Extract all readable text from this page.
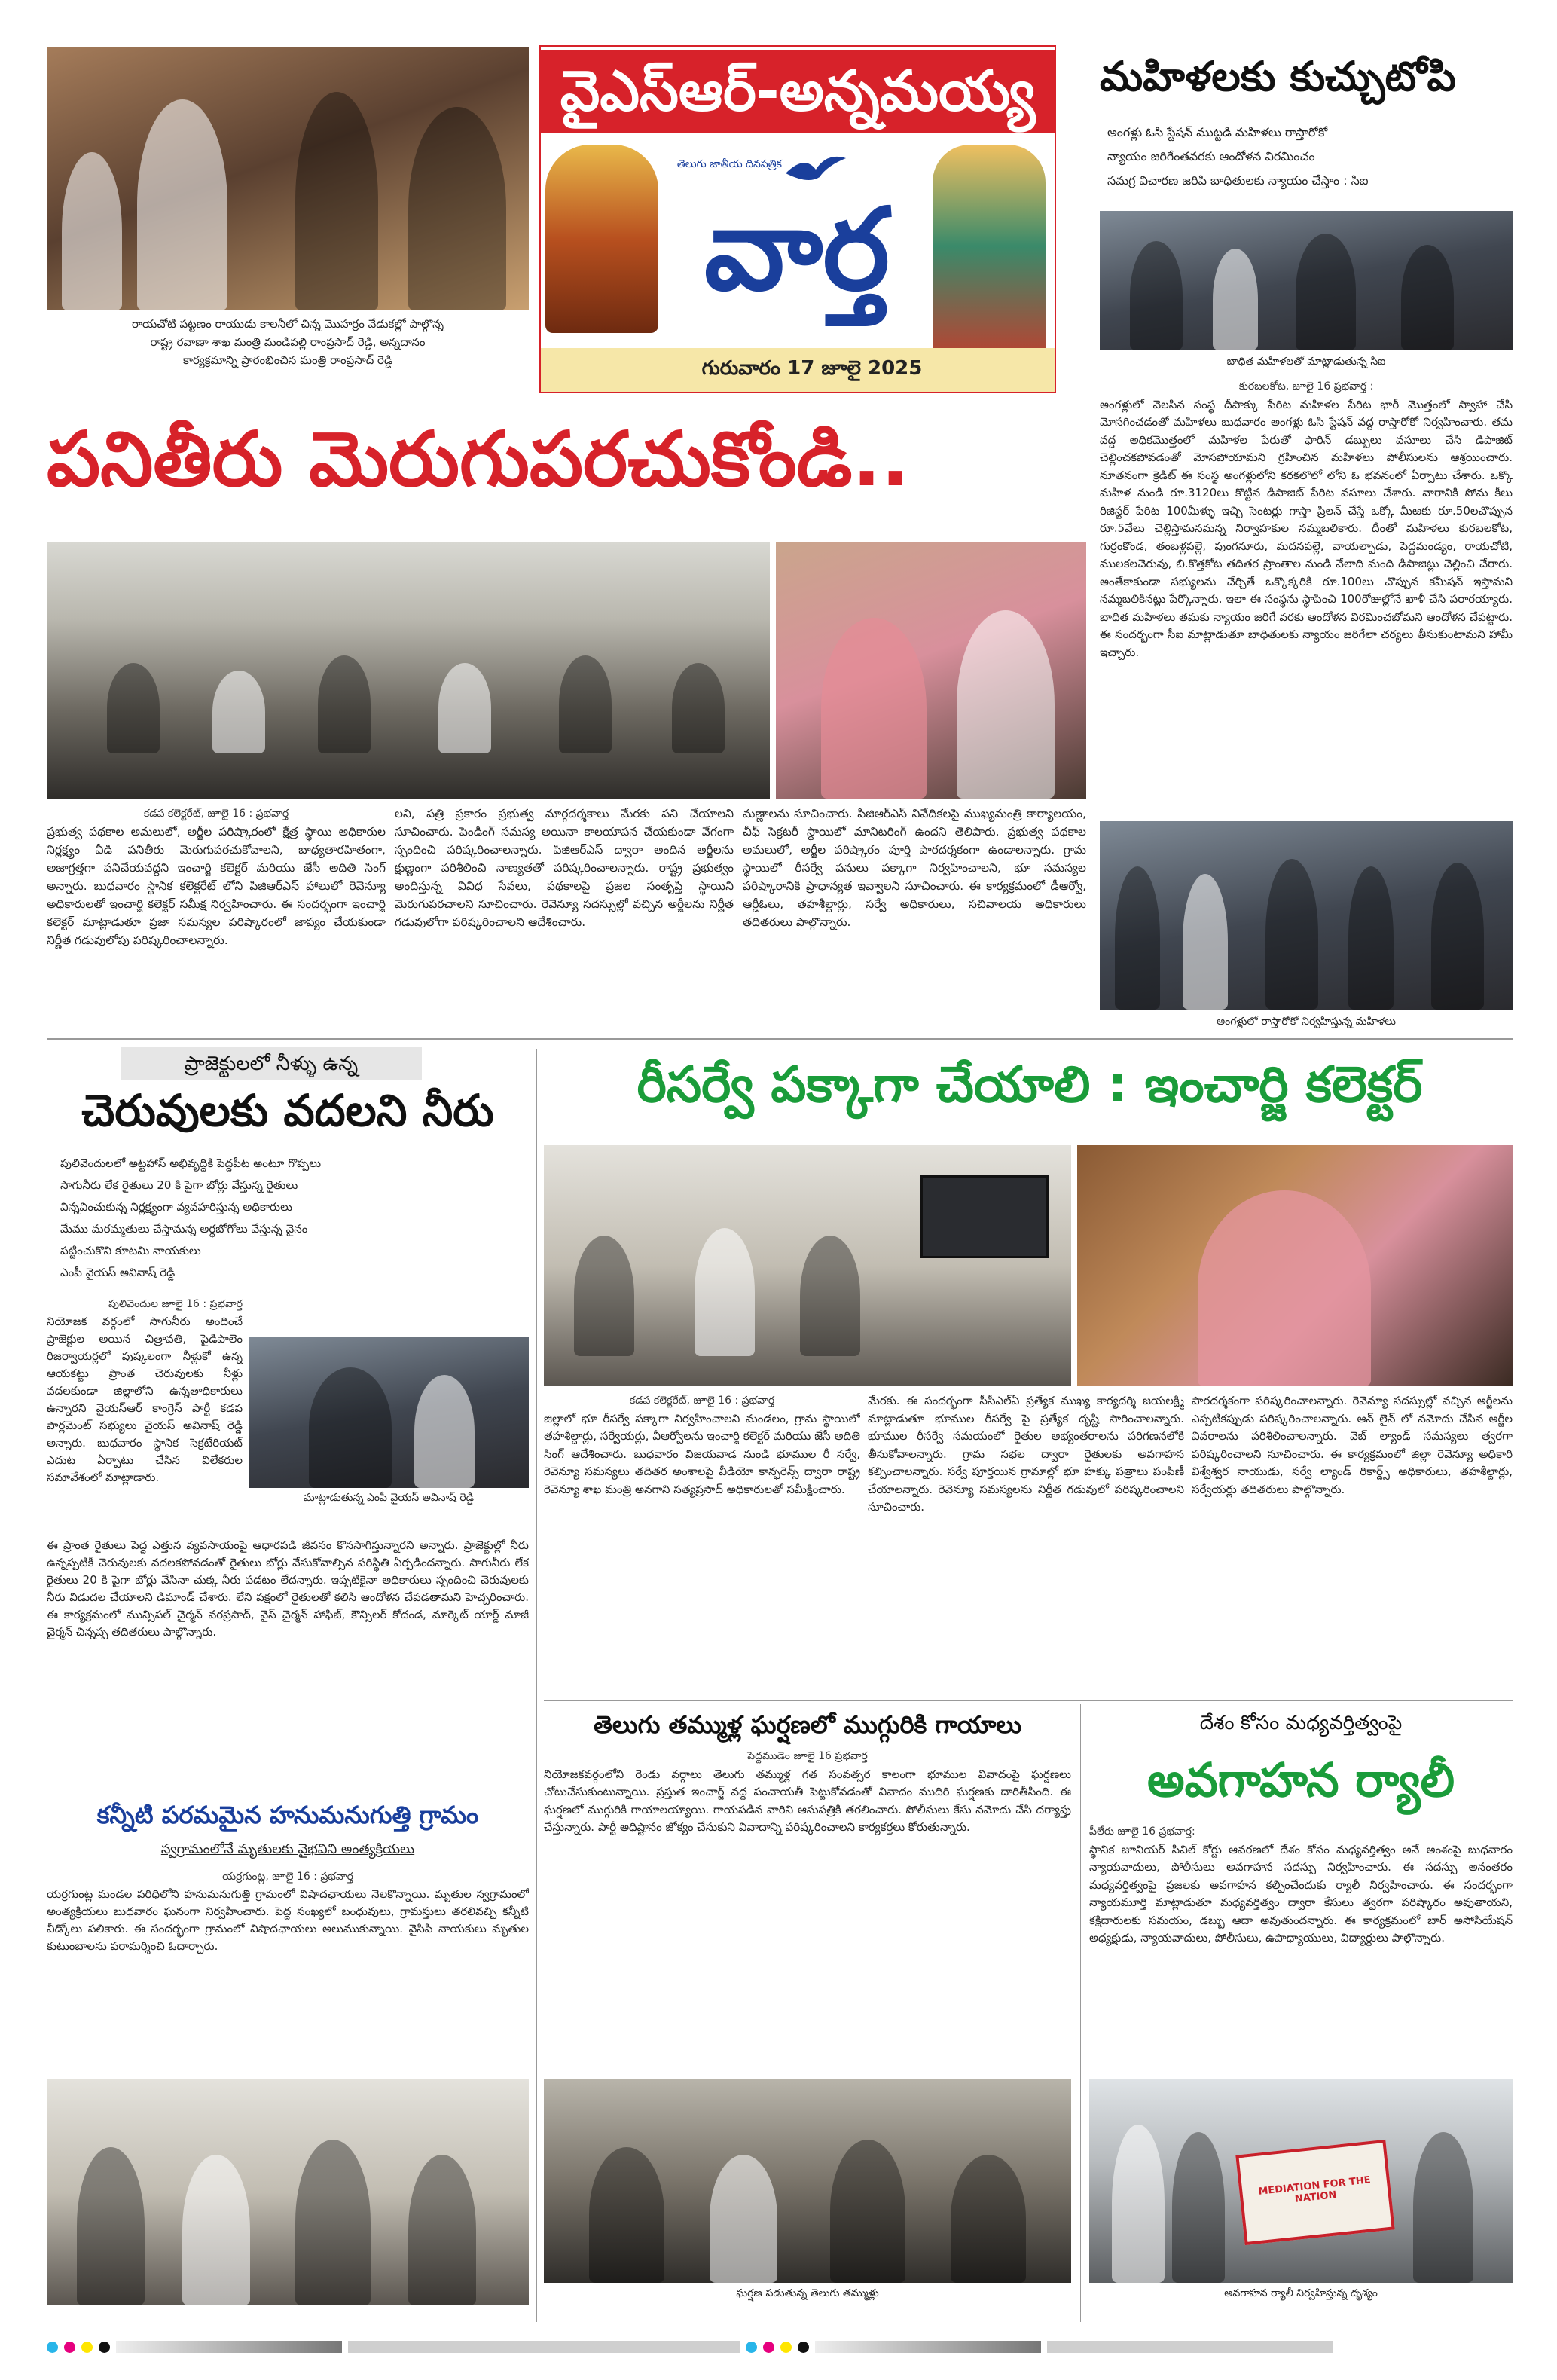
రాయచోటి పట్టణం రాయుడు కాలనీలో చిన్న మొహర్రం వేడుకల్లో పాల్గొన్న
రాష్ట్ర రవాణా శాఖ మంత్రి మండిపల్లి రాంప్రసాద్ రెడ్డి, అన్నదానం
కార్యక్రమాన్ని ప్రారంభించిన మంత్రి రాంప్రసాద్ రెడ్డి
వైఎస్ఆర్-అన్నమయ్య
తెలుగు జాతీయ దినపత్రిక
వార్త
గురువారం 17 జూలై 2025
మహిళలకు కుచ్చుటోపి
అంగళ్లు ఓసి స్టేషన్ ముట్టడి మహిళలు రాస్తారోకో
న్యాయం జరిగేంతవరకు ఆందోళన విరమించం
సమగ్ర విచారణ జరిపి బాధితులకు న్యాయం చేస్తాం : సిఐ
బాధిత మహిళలతో మాట్లాడుతున్న సిఐ
కురబలకోట, జూలై 16 ప్రభవార్త :

అంగళ్లులో వెలసిన సంస్థ దీపాక్కు పేరిట మహిళల పేరిట భారీ మొత్తంలో స్వాహా చేసి మోసగించడంతో మహిళలు బుధవారం అంగళ్లు ఓసి స్టేషన్ వద్ద రాస్తారోకో నిర్వహించారు. తమ వద్ద అధికమొత్తంలో మహిళల పేరుతో ఫారిన్ డబ్బులు వసూలు చేసి డిపాజిట్ చెల్లించకపోవడంతో మోసపోయామని గ్రహించిన మహిళలు పోలీసులను ఆశ్రయించారు. నూతనంగా క్రెడిట్ ఈ సంస్థ అంగళ్లులోని కరకలొలో లోని ఓ భవనంలో ఏర్పాటు చేశారు. ఒక్కొ మహిళ నుండి రూ.3120లు కొట్టిన డిపాజిట్ పేరిట వసూలు చేశారు. వారానికి సోమ కీలు రిజిస్టర్ పేరిట 100మీళ్ళు ఇచ్చి సెంటర్లు గాస్తా ప్రిలన్ చేస్తే ఒక్కో మీఱకు రూ.50లచొప్పున రూ.5వేలు చెల్లిస్తామనమన్న నిర్వాహకుల నమ్మబలికారు. దీంతో మహిళలు కురబలకోట, గుర్రంకొండ, తంబళ్లపల్లె, పుంగనూరు, మదనపల్లె, వాయల్పాడు, పెద్దమండ్యం, రాయచోటి, ములకలచెరువు, బి.కొత్తకోట తదితర ప్రాంతాల నుండి వేలాది మంది డిపాజిట్లు చెల్లించి చేరారు. అంతేకాకుండా సభ్యులను చేర్చితే ఒక్కొక్కరికి రూ.100లు చొప్పున కమీషన్ ఇస్తామని నమ్మబలికినట్లు పేర్కొన్నారు. ఇలా ఈ సంస్థను స్థాపించి 100రోజుల్లోనే ఖాళీ చేసి పరారయ్యారు. బాధిత మహిళలు తమకు న్యాయం జరిగే వరకు ఆందోళన విరమించబోమని ఆందోళన చేపట్టారు. ఈ సందర్భంగా సీఐ మాట్లాడుతూ బాధితులకు న్యాయం జరిగేలా చర్యలు తీసుకుంటామని హామీ ఇచ్చారు.

అంగళ్లులో రాస్తారోకో నిర్వహిస్తున్న మహిళలు
పనితీరు మెరుగుపరచుకోండి..
కడప కలెక్టరేట్, జూలై 16 : ప్రభవార్త

ప్రభుత్వ పథకాల అమలులో, అర్జీల పరిష్కారంలో క్షేత్ర స్థాయి అధికారుల నిర్లక్ష్యం వీడి పనితీరు మెరుగుపరచుకోవాలని, బాధ్యతారహితంగా, అజాగ్రత్తగా పనిచేయవద్దని ఇంచార్జి కలెక్టర్ మరియు జేసీ అదితి సింగ్ అన్నారు. బుధవారం స్థానిక కలెక్టరేట్ లోని పిజిఆర్ఎస్ హాలులో రెవెన్యూ అధికారులతో ఇంచార్జి కలెక్టర్ సమీక్ష నిర్వహించారు. ఈ సందర్భంగా ఇంచార్జి కలెక్టర్ మాట్లాడుతూ ప్రజా సమస్యల పరిష్కారంలో జాప్యం చేయకుండా నిర్ణీత గడువులోపు పరిష్కరించాలన్నారు.

లని, పత్రి ప్రకారం ప్రభుత్వ మార్గదర్శకాలు మేరకు పని చేయాలని సూచించారు. పెండింగ్ సమస్య అయినా కాలయాపన చేయకుండా వేగంగా స్పందించి పరిష్కరించాలన్నారు. పిజిఆర్ఎస్ ద్వారా అందిన అర్జీలను క్షుణ్ణంగా పరిశీలించి నాణ్యతతో పరిష్కరించాలన్నారు. రాష్ట్ర ప్రభుత్వం అందిస్తున్న వివిధ సేవలు, పథకాలపై ప్రజల సంతృప్తి స్థాయిని మెరుగుపరచాలని సూచించారు. రెవెన్యూ సదస్సుల్లో వచ్చిన అర్జీలను నిర్ణీత గడువులోగా పరిష్కరించాలని ఆదేశించారు.

మణ్ణాలను సూచించారు. పిజిఆర్ఎస్ నివేదికలపై ముఖ్యమంత్రి కార్యాలయం, చీఫ్ సెక్రటరీ స్థాయిలో మానిటరింగ్ ఉందని తెలిపారు. ప్రభుత్వ పథకాల అమలులో, అర్జీల పరిష్కారం పూర్తి పారదర్శకంగా ఉండాలన్నారు. గ్రామ స్థాయిలో రీసర్వే పనులు పక్కాగా నిర్వహించాలని, భూ సమస్యల పరిష్కారానికి ప్రాధాన్యత ఇవ్వాలని సూచించారు. ఈ కార్యక్రమంలో డీఆర్వో, ఆర్డీఓలు, తహశీల్దార్లు, సర్వే అధికారులు, సచివాలయ అధికారులు తదితరులు పాల్గొన్నారు.

ప్రాజెక్టులలో నీళ్ళు ఉన్న
చెరువులకు వదలని నీరు
పులివెందులలో అట్టహాస్ అభివృద్ధికి పెద్దపీట అంటూ గొప్పలు
సాగునీరు లేక రైతులు 20 కి పైగా బోర్లు వేస్తున్న రైతులు
విన్నవించుకున్న నిర్లక్ష్యంగా వ్యవహరిస్తున్న అధికారులు
మేము మరమ్మతులు చేస్తామన్న అర్థబోగోలు వేస్తున్న వైనం
పట్టించుకొని కూటమి నాయకులు
ఎంపీ వైయస్ అవినాష్ రెడ్డి
పులివెందుల జూలై 16 : ప్రభవార్త

నియోజక వర్గంలో సాగునీరు అందించే ప్రాజెక్టుల అయిన చిత్రావతి, పైడిపాలెం రిజర్వాయర్లలో పుష్కలంగా నీళ్లుకో ఉన్న ఆయకట్టు ప్రాంత చెరువులకు నీళ్లు వదలకుండా జిల్లాలోని ఉన్నతాధికారులు ఉన్నారని వైయస్ఆర్ కాంగ్రెస్ పార్టీ కడప పార్లమెంట్ సభ్యులు వైయస్ అవినాష్ రెడ్డి అన్నారు. బుధవారం స్థానిక సెక్రటేరియట్ ఎదుట ఏర్పాటు చేసిన విలేకరుల సమావేశంలో మాట్లాడారు.

మాట్లాడుతున్న ఎంపీ వైయస్ అవినాష్ రెడ్డి

ఈ ప్రాంత రైతులు పెద్ద ఎత్తున వ్యవసాయంపై ఆధారపడి జీవనం కొనసాగిస్తున్నారని అన్నారు. ప్రాజెక్టుల్లో నీరు ఉన్నప్పటికీ చెరువులకు వదలకపోవడంతో రైతులు బోర్లు వేసుకోవాల్సిన పరిస్థితి ఏర్పడిందన్నారు. సాగునీరు లేక రైతులు 20 కి పైగా బోర్లు వేసినా చుక్క నీరు పడటం లేదన్నారు. ఇప్పటికైనా అధికారులు స్పందించి చెరువులకు నీరు విడుదల చేయాలని డిమాండ్ చేశారు. లేని పక్షంలో రైతులతో కలిసి ఆందోళన చేపడతామని హెచ్చరించారు. ఈ కార్యక్రమంలో మున్సిపల్ చైర్మన్ వరప్రసాద్, వైస్ చైర్మన్ హాఫిజ్, కౌన్సిలర్ కోదండ, మార్కెట్ యార్డ్ మాజీ చైర్మన్ చిన్నప్ప తదితరులు పాల్గొన్నారు.

కన్నీటి పరమమైన హనుమనుగుత్తి గ్రామం
స్వగ్రామంలోనే మృతులకు వైభవిని అంత్యక్రియలు
యర్రగుంట్ల, జూలై 16 : ప్రభవార్త

యర్రగుంట్ల మండల పరిధిలోని హనుమనుగుత్తి గ్రామంలో విషాదఛాయలు నెలకొన్నాయి. మృతుల స్వగ్రామంలో అంత్యక్రియలు బుధవారం ఘనంగా నిర్వహించారు. పెద్ద సంఖ్యలో బంధువులు, గ్రామస్తులు తరలివచ్చి కన్నీటి వీడ్కోలు పలికారు. ఈ సందర్భంగా గ్రామంలో విషాదఛాయలు అలుముకున్నాయి. వైసిపి నాయకులు మృతుల కుటుంబాలను పరామర్శించి ఓదార్చారు.

రీసర్వే పక్కాగా చేయాలి : ఇంచార్జి కలెక్టర్
కడప కలెక్టరేట్, జూలై 16 : ప్రభవార్త

జిల్లాలో భూ రీసర్వే పక్కాగా నిర్వహించాలని మండలం, గ్రామ స్థాయిలో తహశీల్దార్లు, సర్వేయర్లు, వీఆర్వోలను ఇంచార్జి కలెక్టర్ మరియు జేసీ అదితి సింగ్ ఆదేశించారు. బుధవారం విజయవాడ నుండి భూముల రీ సర్వే, రెవెన్యూ సమస్యలు తదితర అంశాలపై వీడియో కాన్ఫరెన్స్ ద్వారా రాష్ట్ర రెవెన్యూ శాఖ మంత్రి అనగాని సత్యప్రసాద్ అధికారులతో సమీక్షించారు.

మేరకు. ఈ సందర్భంగా సీసీఎల్ఏ ప్రత్యేక ముఖ్య కార్యదర్శి జయలక్ష్మి మాట్లాడుతూ భూముల రీసర్వే పై ప్రత్యేక దృష్టి సారించాలన్నారు. భూముల రీసర్వే సమయంలో రైతుల అభ్యంతరాలను పరిగణనలోకి తీసుకోవాలన్నారు. గ్రామ సభల ద్వారా రైతులకు అవగాహన కల్పించాలన్నారు. సర్వే పూర్తయిన గ్రామాల్లో భూ హక్కు పత్రాలు పంపిణీ చేయాలన్నారు. రెవెన్యూ సమస్యలను నిర్ణీత గడువులో పరిష్కరించాలని సూచించారు.

పారదర్శకంగా పరిష్కరించాలన్నారు. రెవెన్యూ సదస్సుల్లో వచ్చిన అర్జీలను ఎప్పటికప్పుడు పరిష్కరించాలన్నారు. ఆన్ లైన్ లో నమోదు చేసిన అర్జీల వివరాలను పరిశీలించాలన్నారు. వెబ్ ల్యాండ్ సమస్యలు త్వరగా పరిష్కరించాలని సూచించారు. ఈ కార్యక్రమంలో జిల్లా రెవెన్యూ అధికారి విశ్వేశ్వర నాయుడు, సర్వే ల్యాండ్ రికార్డ్స్ అధికారులు, తహశీల్దార్లు, సర్వేయర్లు తదితరులు పాల్గొన్నారు.

తెలుగు తమ్ముళ్ల ఘర్షణలో ముగ్గురికి గాయాలు
పెద్దముడెం జూలై 16 ప్రభవార్త

నియోజకవర్గంలోని రెండు వర్గాలు తెలుగు తమ్ముళ్ల గత సంవత్సర కాలంగా భూముల వివాదంపై ఘర్షణలు చోటుచేసుకుంటున్నాయి. ప్రస్తుత ఇంచార్జ్ వద్ద పంచాయతీ పెట్టుకోవడంతో వివాదం ముదిరి ఘర్షణకు దారితీసింది. ఈ ఘర్షణలో ముగ్గురికి గాయాలయ్యాయి. గాయపడిన వారిని ఆసుపత్రికి తరలించారు. పోలీసులు కేసు నమోదు చేసి దర్యాప్తు చేస్తున్నారు. పార్టీ అధిష్టానం జోక్యం చేసుకుని వివాదాన్ని పరిష్కరించాలని కార్యకర్తలు కోరుతున్నారు.

ఘర్షణ పడుతున్న తెలుగు తమ్ముళ్లు
దేశం కోసం మధ్యవర్తిత్వంపై
అవగాహన ర్యాలీ
పీలేరు జూలై 16 ప్రభవార్త:

స్థానిక జూనియర్ సివిల్ కోర్టు ఆవరణలో దేశం కోసం మధ్యవర్తిత్వం అనే అంశంపై బుధవారం న్యాయవాదులు, పోలీసులు అవగాహన సదస్సు నిర్వహించారు. ఈ సదస్సు అనంతరం మధ్యవర్తిత్వంపై ప్రజలకు అవగాహన కల్పించేందుకు ర్యాలీ నిర్వహించారు. ఈ సందర్భంగా న్యాయమూర్తి మాట్లాడుతూ మధ్యవర్తిత్వం ద్వారా కేసులు త్వరగా పరిష్కారం అవుతాయని, కక్షిదారులకు సమయం, డబ్బు ఆదా అవుతుందన్నారు. ఈ కార్యక్రమంలో బార్ అసోసియేషన్ అధ్యక్షుడు, న్యాయవాదులు, పోలీసులు, ఉపాధ్యాయులు, విద్యార్థులు పాల్గొన్నారు.

MEDIATION FOR THE NATION
అవగాహన ర్యాలీ నిర్వహిస్తున్న దృశ్యం
